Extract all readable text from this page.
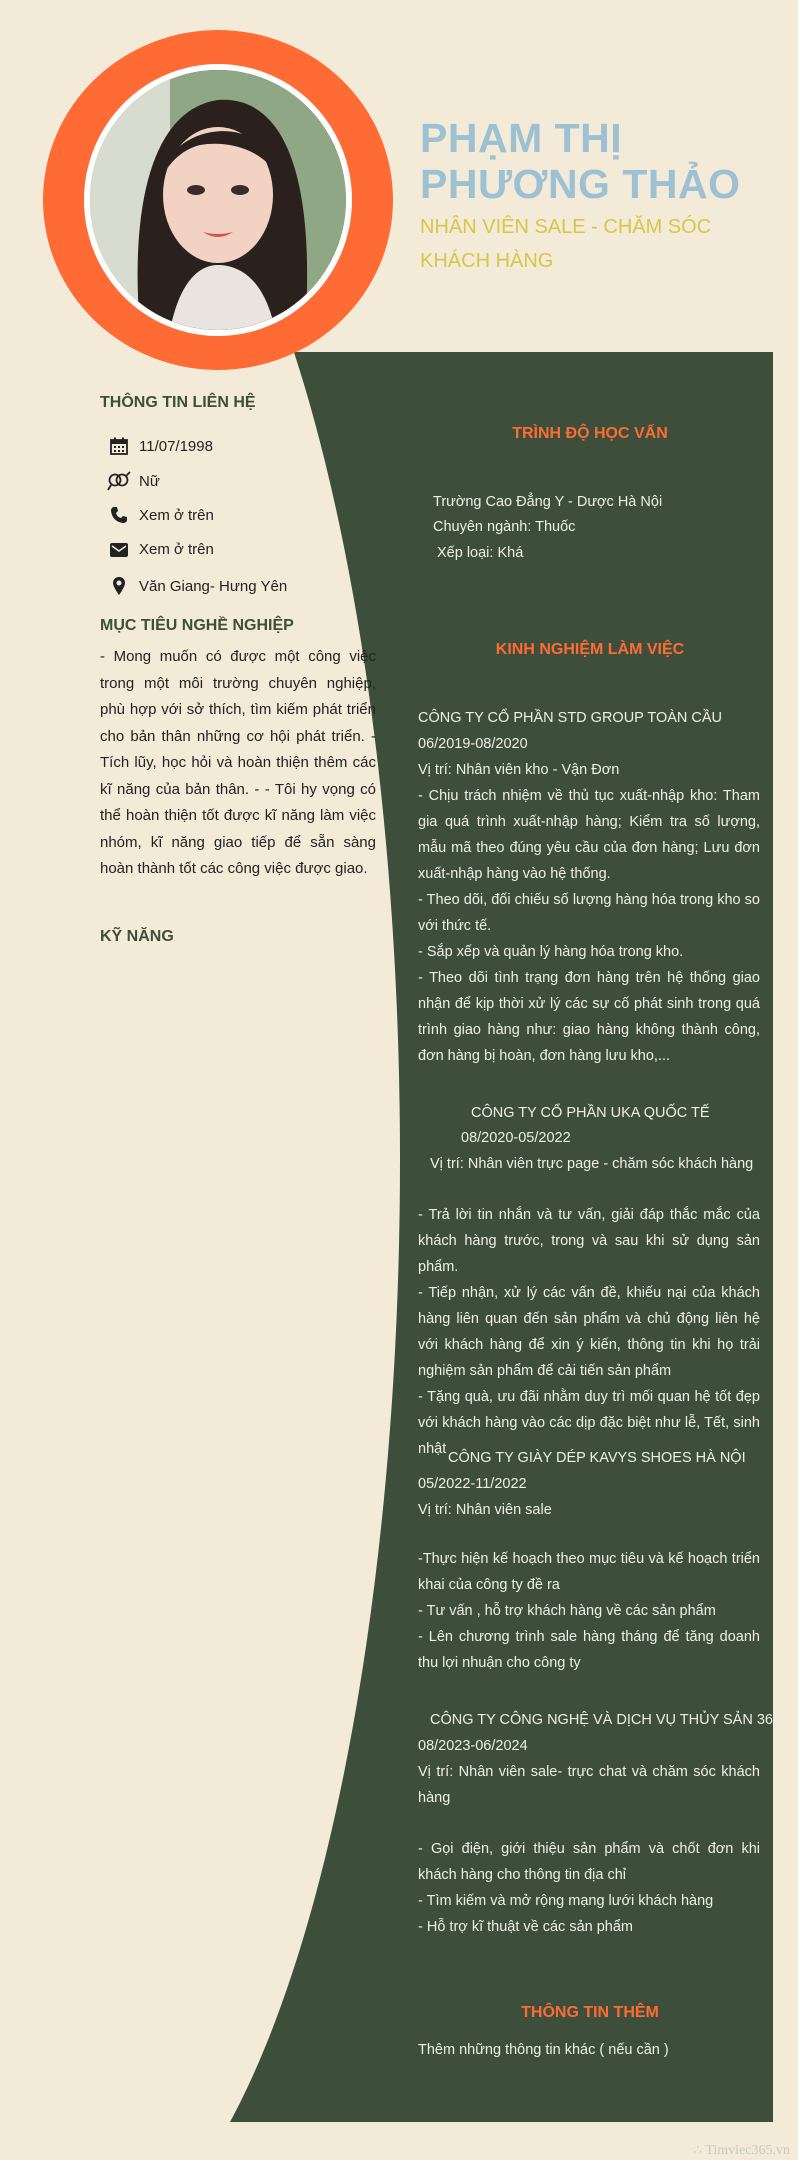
PHẠM THỊ
PHƯƠNG THẢO
NHÂN VIÊN SALE - CHĂM SÓC KHÁCH HÀNG
THÔNG TIN LIÊN HỆ
11/07/1998
Nữ
Xem ở trên
Xem ở trên
Văn Giang- Hưng Yên
MỤC TIÊU NGHỀ NGHIỆP
- Mong muốn có được một công việc trong một môi trường chuyên nghiệp, phù hợp với sở thích, tìm kiếm phát triển cho bản thân những cơ hội phát triển. - Tích lũy, học hỏi và hoàn thiện thêm các kĩ năng của bản thân. - - Tôi hy vọng có thể hoàn thiện tốt được kĩ năng làm việc nhóm, kĩ năng giao tiếp để sẵn sàng hoàn thành tốt các công việc được giao.
KỸ NĂNG
TRÌNH ĐỘ HỌC VẤN
Trường Cao Đẳng Y - Dược Hà Nội
Chuyên ngành: Thuốc
Xếp loại: Khá
KINH NGHIỆM LÀM VIỆC
CÔNG TY CỔ PHẦN STD GROUP TOÀN CẦU
06/2019-08/2020
Vị trí: Nhân viên kho - Vận Đơn
- Chịu trách nhiệm về thủ tục xuất-nhập kho: Tham gia quá trình xuất-nhập hàng; Kiểm tra số lượng, mẫu mã theo đúng yêu cầu của đơn hàng; Lưu đơn xuất-nhập hàng vào hệ thống.
- Theo dõi, đối chiếu số lượng hàng hóa trong kho so với thức tế.
- Sắp xếp và quản lý hàng hóa trong kho.
- Theo dõi tình trạng đơn hàng trên hệ thống giao nhận để kịp thời xử lý các sự cố phát sinh trong quá trình giao hàng như: giao hàng không thành công, đơn hàng bị hoàn, đơn hàng lưu kho,...
CÔNG TY CỔ PHẦN UKA QUỐC TẾ
08/2020-05/2022
Vị trí: Nhân viên trực page - chăm sóc khách hàng
- Trả lời tin nhắn và tư vấn, giải đáp thắc mắc của khách hàng trước, trong và sau khi sử dụng sản phẩm.
- Tiếp nhận, xử lý các vấn đề, khiếu nại của khách hàng liên quan đến sản phẩm và chủ động liên hệ với khách hàng để xin ý kiến, thông tin khi họ trải nghiệm sản phẩm để cải tiến sản phẩm
- Tặng quà, ưu đãi nhằm duy trì mối quan hệ tốt đẹp với khách hàng vào các dịp đặc biệt như lễ, Tết, sinh nhật
CÔNG TY GIÀY DÉP KAVYS SHOES HÀ NỘI
05/2022-11/2022
Vị trí: Nhân viên sale
-Thực hiện kế hoạch theo mục tiêu và kế hoạch triển khai của công ty đề ra
- Tư vấn , hỗ trợ khách hàng về các sản phẩm
- Lên chương trình sale hàng tháng để tăng doanh thu lợi nhuận cho công ty
CÔNG TY CÔNG NGHỆ VÀ DỊCH VỤ THỦY SẢN 365
08/2023-06/2024
Vị trí: Nhân viên sale- trực chat và chăm sóc khách hàng
- Gọi điện, giới thiệu sản phẩm và chốt đơn khi khách hàng cho thông tin địa chỉ
- Tìm kiếm và mở rộng mạng lưới khách hàng
- Hỗ trợ kĩ thuật về các sản phẩm
THÔNG TIN THÊM
Thêm những thông tin khác ( nếu cần )
∴ Timviec365.vn
